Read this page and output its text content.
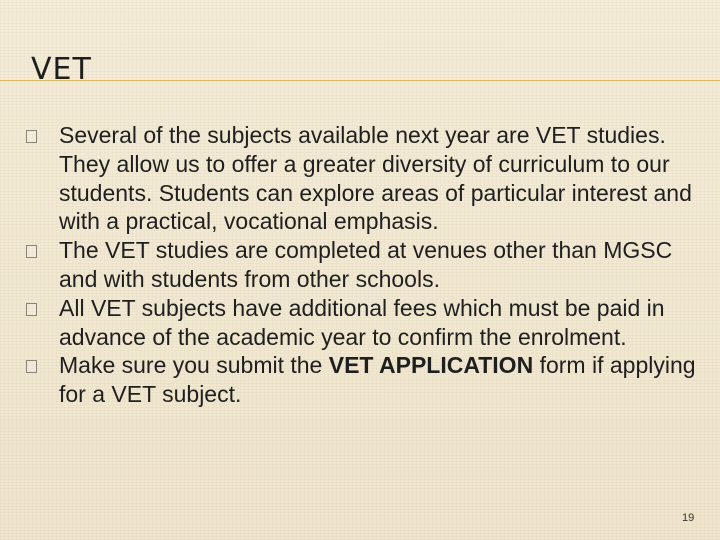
VET
Several of the subjects available next year are VET studies. They allow us to offer a greater diversity of curriculum to our students. Students can explore areas of particular interest and with a practical, vocational emphasis.
The VET studies are completed at venues other than MGSC and with students from other schools.
All VET subjects have additional fees which must be paid in advance of the academic year to confirm the enrolment.
Make sure you submit the VET APPLICATION form if applying for a VET subject.
19
